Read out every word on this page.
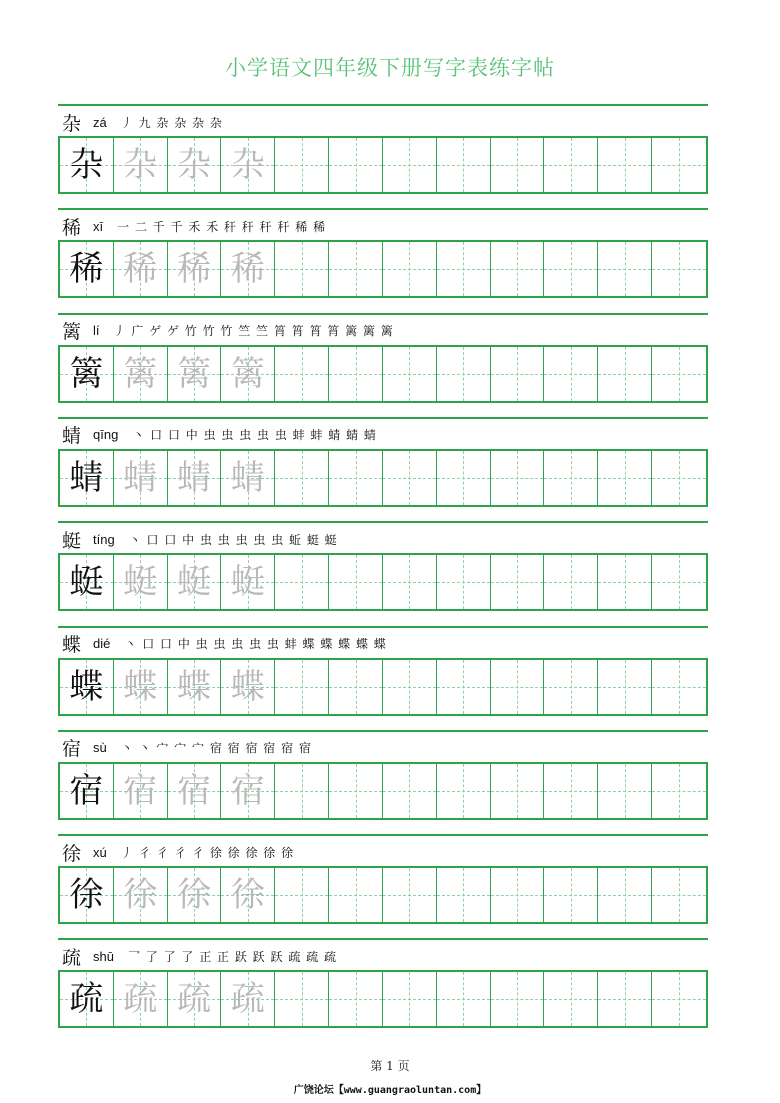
小学语文四年级下册写字表练字帖
杂 zá 丿 九 杂 杂 杂 杂
杂 杂 杂 杂
稀 xī 一 二 千 千 禾 禾 秆 秆 秆 秆 稀 稀
稀 稀 稀 稀
篱 lí 丿 广 ゲ ゲ 竹 竹 竹 竺 竺 筲 筲 筲 筲 篱 篱 篱
篱 篱 篱 篱
蜻 qīng 丶 口 口 中 虫 虫 虫 虫 虫 蚌 蚌 蜻 蜻 蜻
蜻 蜻 蜻 蜻
蜓 tíng 丶 口 口 中 虫 虫 虫 虫 虫 蚯 蜓 蜓
蜓 蜓 蜓 蜓
蝶 dié 丶 口 口 中 虫 虫 虫 虫 虫 蚌 蝶 蝶 蝶 蝶 蝶
蝶 蝶 蝶 蝶
宿 sù 丶 丶 宀 宀 宀 宿 宿 宿 宿 宿 宿
宿 宿 宿 宿
徐 xú 丿 彳 彳 彳 彳 徐 徐 徐 徐 徐
徐 徐 徐 徐
疏 shū 乛 了 了 了 正 正 跃 跃 跃 疏 疏 疏
疏 疏 疏 疏
第 1 页
广饶论坛【www.guangraoluntan.com】
